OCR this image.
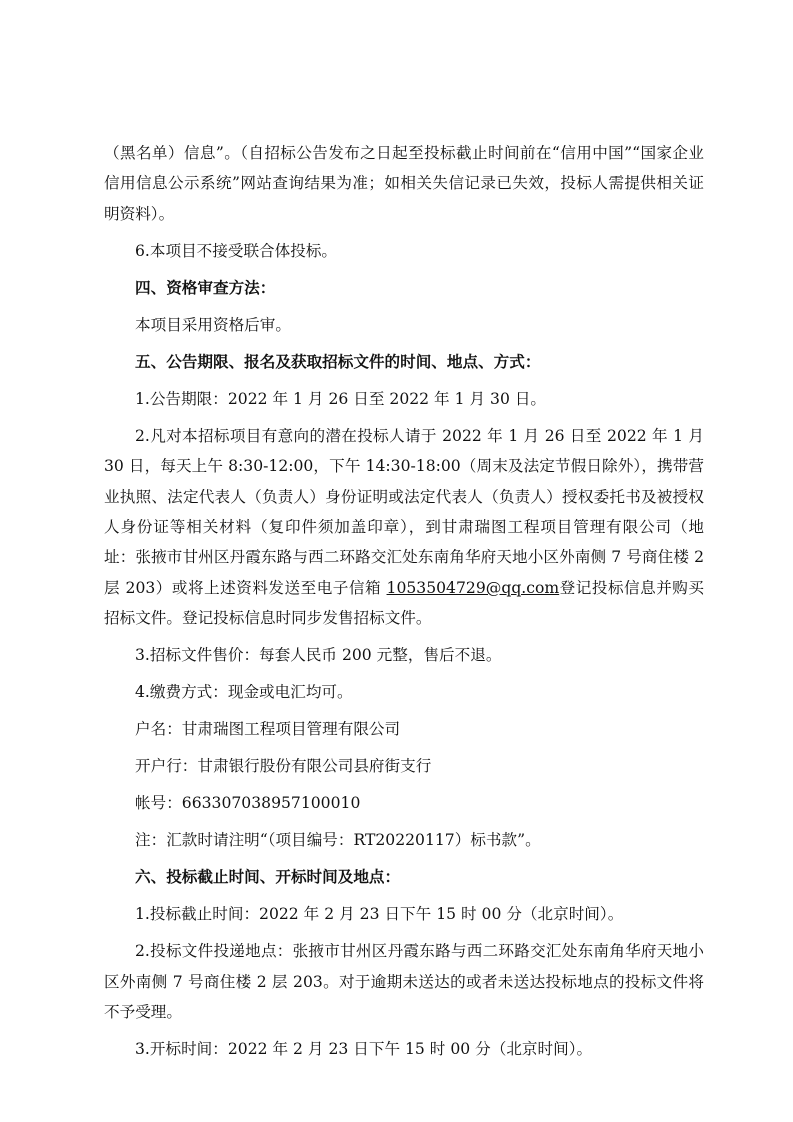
（黑名单）信息”。（自招标公告发布之日起至投标截止时间前在“信用中国”“国家企业信用信息公示系统”网站查询结果为准；如相关失信记录已失效，投标人需提供相关证明资料）。

6.本项目不接受联合体投标。

四、资格审查方法：

本项目采用资格后审。

五、公告期限、报名及获取招标文件的时间、地点、方式：

1.公告期限：2022 年 1 月 26 日至 2022 年 1 月 30 日。

2.凡对本招标项目有意向的潜在投标人请于 2022 年 1 月 26 日至 2022 年 1 月 30 日，每天上午 8:30-12:00，下午 14:30-18:00（周末及法定节假日除外），携带营业执照、法定代表人（负责人）身份证明或法定代表人（负责人）授权委托书及被授权人身份证等相关材料（复印件须加盖印章），到甘肃瑞图工程项目管理有限公司（地址：张掖市甘州区丹霞东路与西二环路交汇处东南角华府天地小区外南侧 7 号商住楼 2 层 203）或将上述资料发送至电子信箱 1053504729@qq.com登记投标信息并购买招标文件。登记投标信息时同步发售招标文件。

3.招标文件售价：每套人民币 200 元整，售后不退。

4.缴费方式：现金或电汇均可。

户名：甘肃瑞图工程项目管理有限公司

开户行：甘肃银行股份有限公司县府街支行

帐号：663307038957100010

注：汇款时请注明“（项目编号：RT20220117）标书款”。

六、投标截止时间、开标时间及地点：

1.投标截止时间：2022 年 2 月 23 日下午 15 时 00 分（北京时间）。

2.投标文件投递地点：张掖市甘州区丹霞东路与西二环路交汇处东南角华府天地小区外南侧 7 号商住楼 2 层 203。对于逾期未送达的或者未送达投标地点的投标文件将不予受理。

3.开标时间：2022 年 2 月 23 日下午 15 时 00 分（北京时间）。
